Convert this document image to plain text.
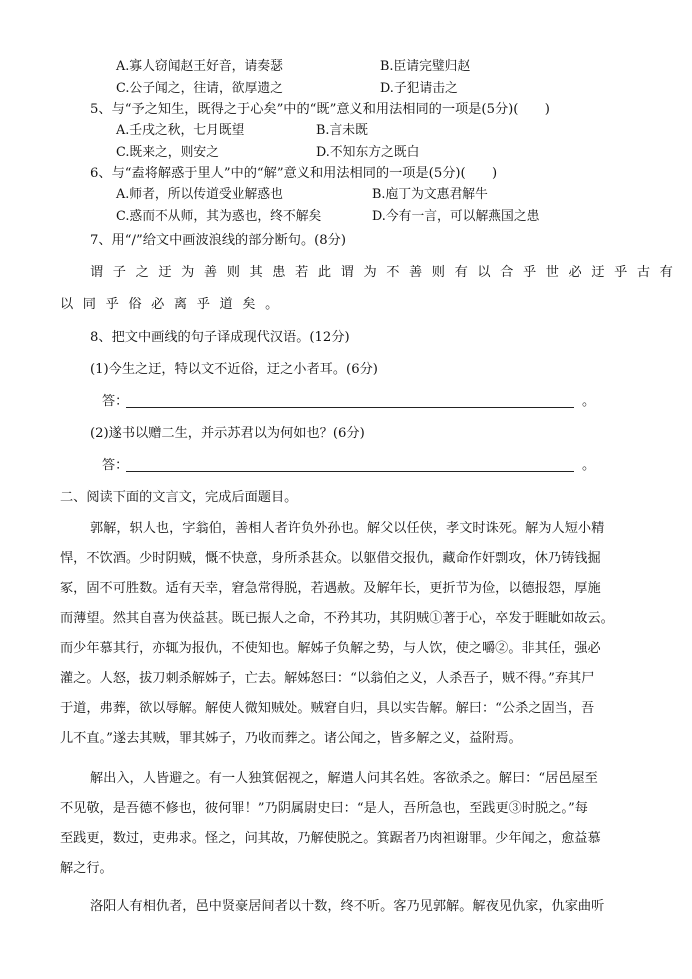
A.寡人窃闻赵王好音，请奏瑟	B.臣请完璧归赵
C.公子闻之，往请，欲厚遗之	D.子犯请击之
5、与“予之知生，既得之于心矣”中的“既”意义和用法相同的一项是(5分)(　　)
A.壬戌之秋，七月既望	B.言未既
C.既来之，则安之	D.不知东方之既白
6、与“盍将解惑于里人”中的“解”意义和用法相同的一项是(5分)(　　)
A.师者，所以传道受业解惑也	B.庖丁为文惠君解牛
C.惑而不从师，其为惑也，终不解矣	D.今有一言，可以解燕国之患
7、用“/”给文中画波浪线的部分断句。(8分)
谓子之迂为善则其患若此谓为不善则有以合乎世必迂乎古有
以同乎俗必离乎道矣。
8、把文中画线的句子译成现代汉语。(12分)
(1)今生之迂，特以文不近俗，迂之小者耳。(6分)
答：	。
(2)遂书以赠二生，并示苏君以为何如也？(6分)
答：	。
二、阅读下面的文言文，完成后面题目。
郭解，轵人也，字翁伯，善相人者许负外孙也。解父以任侠，孝文时诛死。解为人短小精
悍，不饮酒。少时阴贼，慨不快意，身所杀甚众。以躯借交报仇，藏命作奸剽攻，休乃铸钱掘
冢，固不可胜数。适有天幸，窘急常得脱，若遇赦。及解年长，更折节为俭，以德报怨，厚施
而薄望。然其自喜为侠益甚。既已振人之命，不矜其功，其阴贼①著于心，卒发于睚眦如故云。
而少年慕其行，亦辄为报仇，不使知也。解姊子负解之势，与人饮，使之嚼②。非其任，强必
灌之。人怒，拔刀刺杀解姊子，亡去。解姊怒曰：“以翁伯之义，人杀吾子，贼不得。”弃其尸
于道，弗葬，欲以辱解。解使人微知贼处。贼窘自归，具以实告解。解曰：“公杀之固当，吾
儿不直。”遂去其贼，罪其姊子，乃收而葬之。诸公闻之，皆多解之义，益附焉。
解出入，人皆避之。有一人独箕倨视之，解遣人问其名姓。客欲杀之。解曰：“居邑屋至
不见敬，是吾德不修也，彼何罪！”乃阴属尉史曰：“是人，吾所急也，至践更③时脱之。”每
至践更，数过，吏弗求。怪之，问其故，乃解使脱之。箕踞者乃肉袒谢罪。少年闻之，愈益慕
解之行。
洛阳人有相仇者，邑中贤豪居间者以十数，终不听。客乃见郭解。解夜见仇家，仇家曲听
